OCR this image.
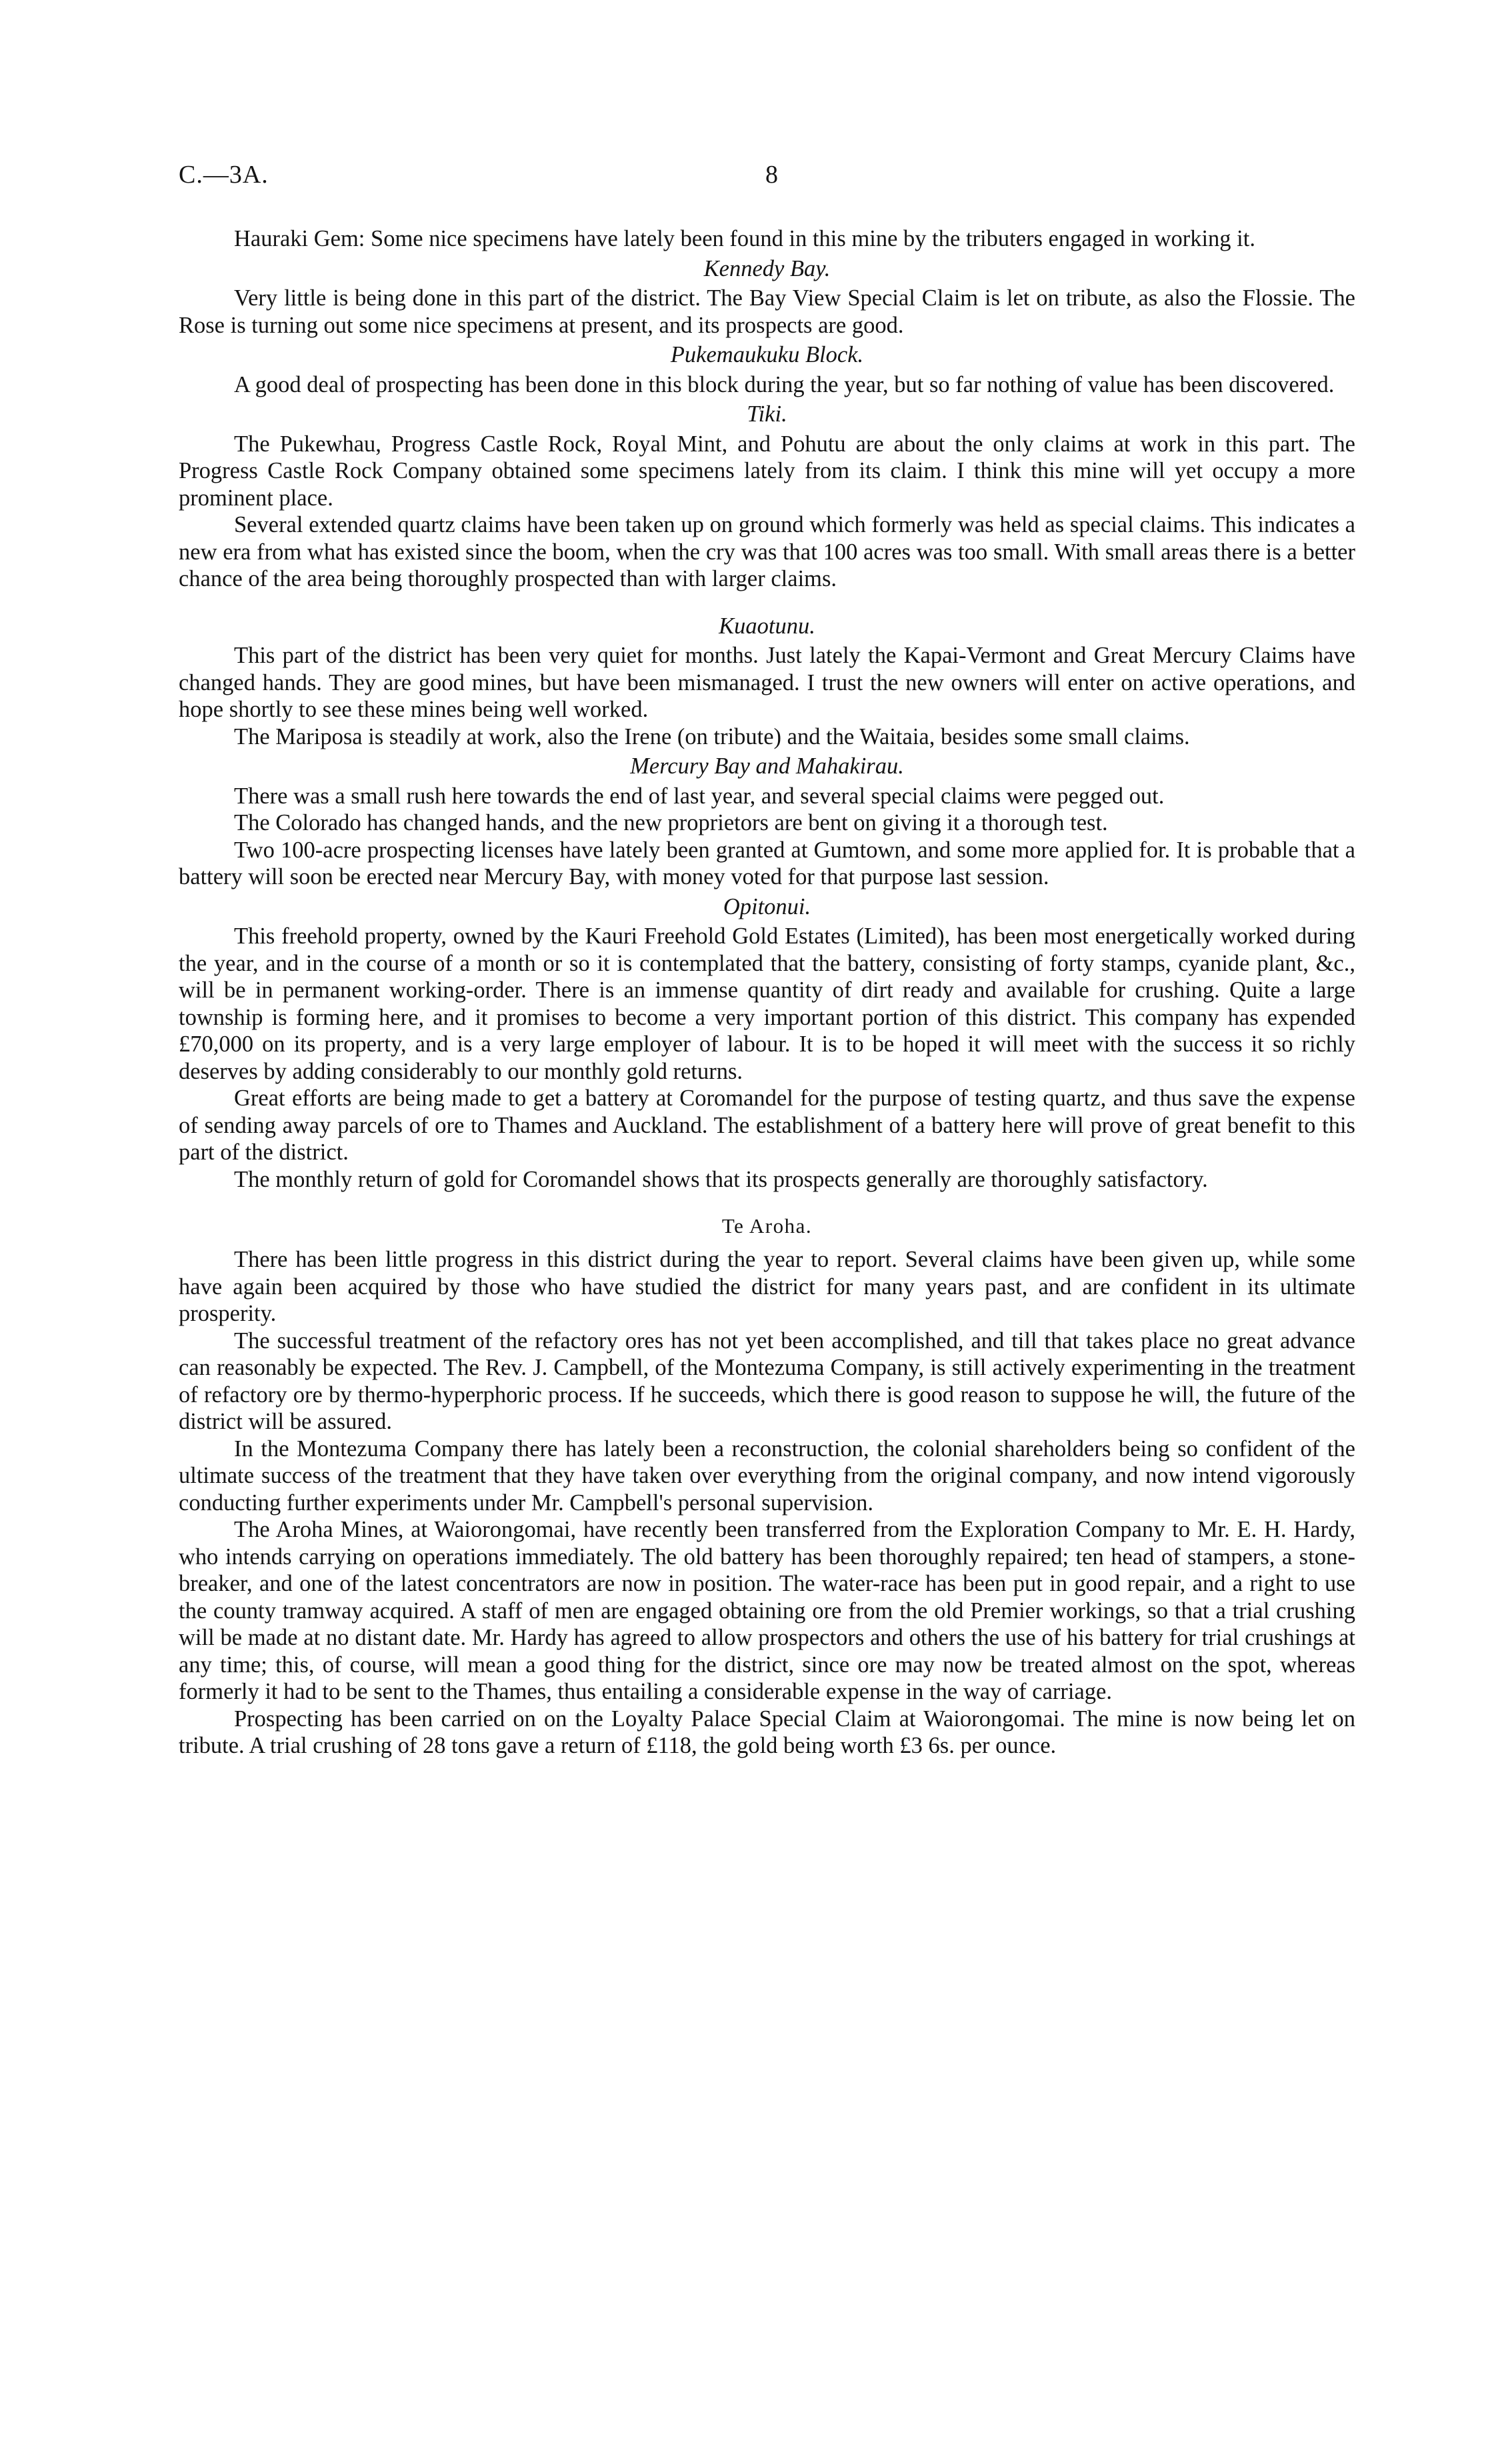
C.—3A.	8

Hauraki Gem: Some nice specimens have lately been found in this mine by the tributers engaged in working it.

Kennedy Bay.

Very little is being done in this part of the district. The Bay View Special Claim is let on tribute, as also the Flossie. The Rose is turning out some nice specimens at present, and its prospects are good.

Pukemaukuku Block.

A good deal of prospecting has been done in this block during the year, but so far nothing of value has been discovered.

Tiki.

The Pukewhau, Progress Castle Rock, Royal Mint, and Pohutu are about the only claims at work in this part. The Progress Castle Rock Company obtained some specimens lately from its claim. I think this mine will yet occupy a more prominent place.

Several extended quartz claims have been taken up on ground which formerly was held as special claims. This indicates a new era from what has existed since the boom, when the cry was that 100 acres was too small. With small areas there is a better chance of the area being thoroughly prospected than with larger claims.

Kuaotunu.

This part of the district has been very quiet for months. Just lately the Kapai-Vermont and Great Mercury Claims have changed hands. They are good mines, but have been mismanaged. I trust the new owners will enter on active operations, and hope shortly to see these mines being well worked.

The Mariposa is steadily at work, also the Irene (on tribute) and the Waitaia, besides some small claims.

Mercury Bay and Mahakirau.

There was a small rush here towards the end of last year, and several special claims were pegged out.

The Colorado has changed hands, and the new proprietors are bent on giving it a thorough test.

Two 100-acre prospecting licenses have lately been granted at Gumtown, and some more applied for. It is probable that a battery will soon be erected near Mercury Bay, with money voted for that purpose last session.

Opitonui.

This freehold property, owned by the Kauri Freehold Gold Estates (Limited), has been most energetically worked during the year, and in the course of a month or so it is contemplated that the battery, consisting of forty stamps, cyanide plant, &c., will be in permanent working-order. There is an immense quantity of dirt ready and available for crushing. Quite a large township is forming here, and it promises to become a very important portion of this district. This company has expended £70,000 on its property, and is a very large employer of labour. It is to be hoped it will meet with the success it so richly deserves by adding considerably to our monthly gold returns.

Great efforts are being made to get a battery at Coromandel for the purpose of testing quartz, and thus save the expense of sending away parcels of ore to Thames and Auckland. The establishment of a battery here will prove of great benefit to this part of the district.

The monthly return of gold for Coromandel shows that its prospects generally are thoroughly satisfactory.

Te Aroha.

There has been little progress in this district during the year to report. Several claims have been given up, while some have again been acquired by those who have studied the district for many years past, and are confident in its ultimate prosperity.

The successful treatment of the refactory ores has not yet been accomplished, and till that takes place no great advance can reasonably be expected. The Rev. J. Campbell, of the Montezuma Company, is still actively experimenting in the treatment of refactory ore by thermo-hyperphoric process. If he succeeds, which there is good reason to suppose he will, the future of the district will be assured.

In the Montezuma Company there has lately been a reconstruction, the colonial shareholders being so confident of the ultimate success of the treatment that they have taken over everything from the original company, and now intend vigorously conducting further experiments under Mr. Campbell's personal supervision.

The Aroha Mines, at Waiorongomai, have recently been transferred from the Exploration Company to Mr. E. H. Hardy, who intends carrying on operations immediately. The old battery has been thoroughly repaired; ten head of stampers, a stone-breaker, and one of the latest concentrators are now in position. The water-race has been put in good repair, and a right to use the county tramway acquired. A staff of men are engaged obtaining ore from the old Premier workings, so that a trial crushing will be made at no distant date. Mr. Hardy has agreed to allow prospectors and others the use of his battery for trial crushings at any time; this, of course, will mean a good thing for the district, since ore may now be treated almost on the spot, whereas formerly it had to be sent to the Thames, thus entailing a considerable expense in the way of carriage.

Prospecting has been carried on on the Loyalty Palace Special Claim at Waiorongomai. The mine is now being let on tribute. A trial crushing of 28 tons gave a return of £118, the gold being worth £3 6s. per ounce.
